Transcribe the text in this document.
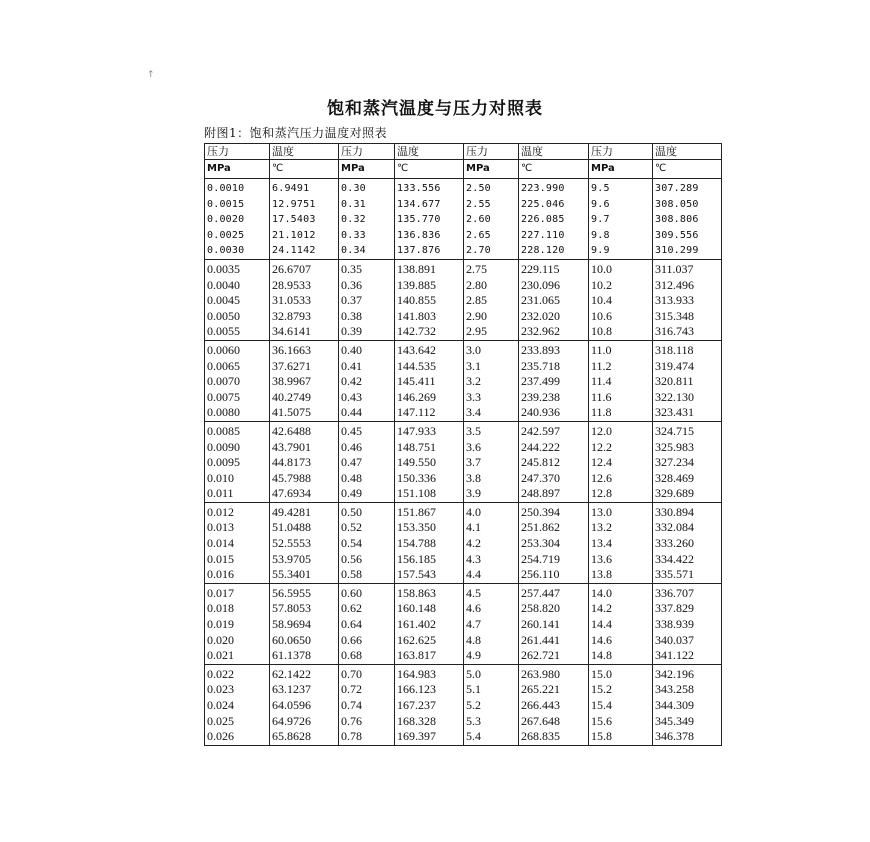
↑
饱和蒸汽温度与压力对照表
附图1：饱和蒸汽压力温度对照表
压力	温度	压力	温度	压力	温度	压力	温度
MPa	℃	MPa	℃	MPa	℃	MPa	℃
0.0010	6.9491	0.30	133.556	2.50	223.990	9.5	307.289
0.0015	12.9751	0.31	134.677	2.55	225.046	9.6	308.050
0.0020	17.5403	0.32	135.770	2.60	226.085	9.7	308.806
0.0025	21.1012	0.33	136.836	2.65	227.110	9.8	309.556
0.0030	24.1142	0.34	137.876	2.70	228.120	9.9	310.299
0.0035	26.6707	0.35	138.891	2.75	229.115	10.0	311.037
0.0040	28.9533	0.36	139.885	2.80	230.096	10.2	312.496
0.0045	31.0533	0.37	140.855	2.85	231.065	10.4	313.933
0.0050	32.8793	0.38	141.803	2.90	232.020	10.6	315.348
0.0055	34.6141	0.39	142.732	2.95	232.962	10.8	316.743
0.0060	36.1663	0.40	143.642	3.0	233.893	11.0	318.118
0.0065	37.6271	0.41	144.535	3.1	235.718	11.2	319.474
0.0070	38.9967	0.42	145.411	3.2	237.499	11.4	320.811
0.0075	40.2749	0.43	146.269	3.3	239.238	11.6	322.130
0.0080	41.5075	0.44	147.112	3.4	240.936	11.8	323.431
0.0085	42.6488	0.45	147.933	3.5	242.597	12.0	324.715
0.0090	43.7901	0.46	148.751	3.6	244.222	12.2	325.983
0.0095	44.8173	0.47	149.550	3.7	245.812	12.4	327.234
0.010	45.7988	0.48	150.336	3.8	247.370	12.6	328.469
0.011	47.6934	0.49	151.108	3.9	248.897	12.8	329.689
0.012	49.4281	0.50	151.867	4.0	250.394	13.0	330.894
0.013	51.0488	0.52	153.350	4.1	251.862	13.2	332.084
0.014	52.5553	0.54	154.788	4.2	253.304	13.4	333.260
0.015	53.9705	0.56	156.185	4.3	254.719	13.6	334.422
0.016	55.3401	0.58	157.543	4.4	256.110	13.8	335.571
0.017	56.5955	0.60	158.863	4.5	257.447	14.0	336.707
0.018	57.8053	0.62	160.148	4.6	258.820	14.2	337.829
0.019	58.9694	0.64	161.402	4.7	260.141	14.4	338.939
0.020	60.0650	0.66	162.625	4.8	261.441	14.6	340.037
0.021	61.1378	0.68	163.817	4.9	262.721	14.8	341.122
0.022	62.1422	0.70	164.983	5.0	263.980	15.0	342.196
0.023	63.1237	0.72	166.123	5.1	265.221	15.2	343.258
0.024	64.0596	0.74	167.237	5.2	266.443	15.4	344.309
0.025	64.9726	0.76	168.328	5.3	267.648	15.6	345.349
0.026	65.8628	0.78	169.397	5.4	268.835	15.8	346.378
